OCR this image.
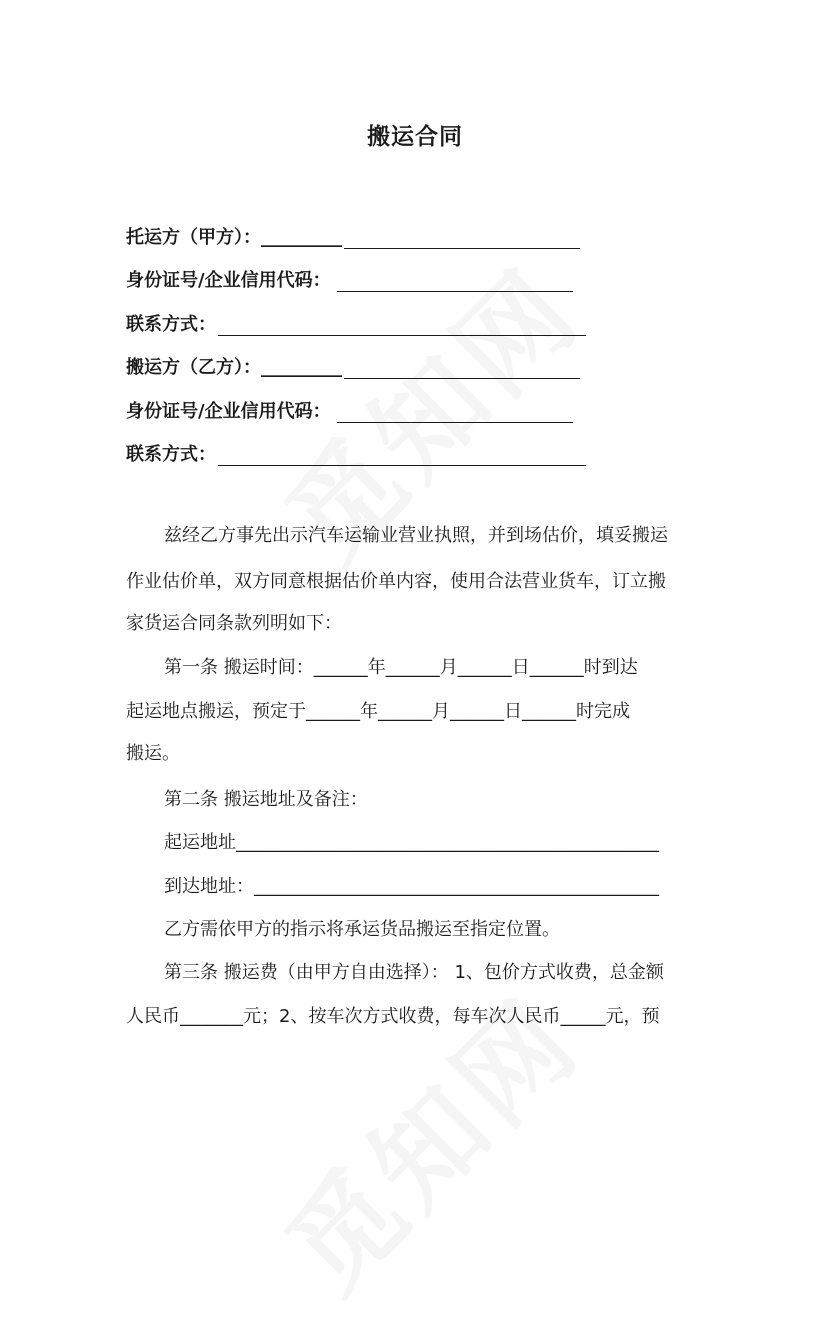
搬运合同
托运方（甲方）： _________
身份证号/企业信用代码：
联系方式：
搬运方（乙方）： _________
身份证号/企业信用代码：
联系方式：
兹经乙方事先出示汽车运输业营业执照，并到场估价，填妥搬运
作业估价单，双方同意根据估价单内容，使用合法营业货车，订立搬
家货运合同条款列明如下：
第一条 搬运时间：______年______月______日______时到达
起运地点搬运，预定于______年______月______日______时完成
搬运。
第二条 搬运地址及备注：
起运地址_______________________________________________
到达地址：_____________________________________________
乙方需依甲方的指示将承运货品搬运至指定位置。
第三条 搬运费（由甲方自由选择）： 1、包价方式收费，总金额
人民币_______元；2、按车次方式收费，每车次人民币_____元，预
